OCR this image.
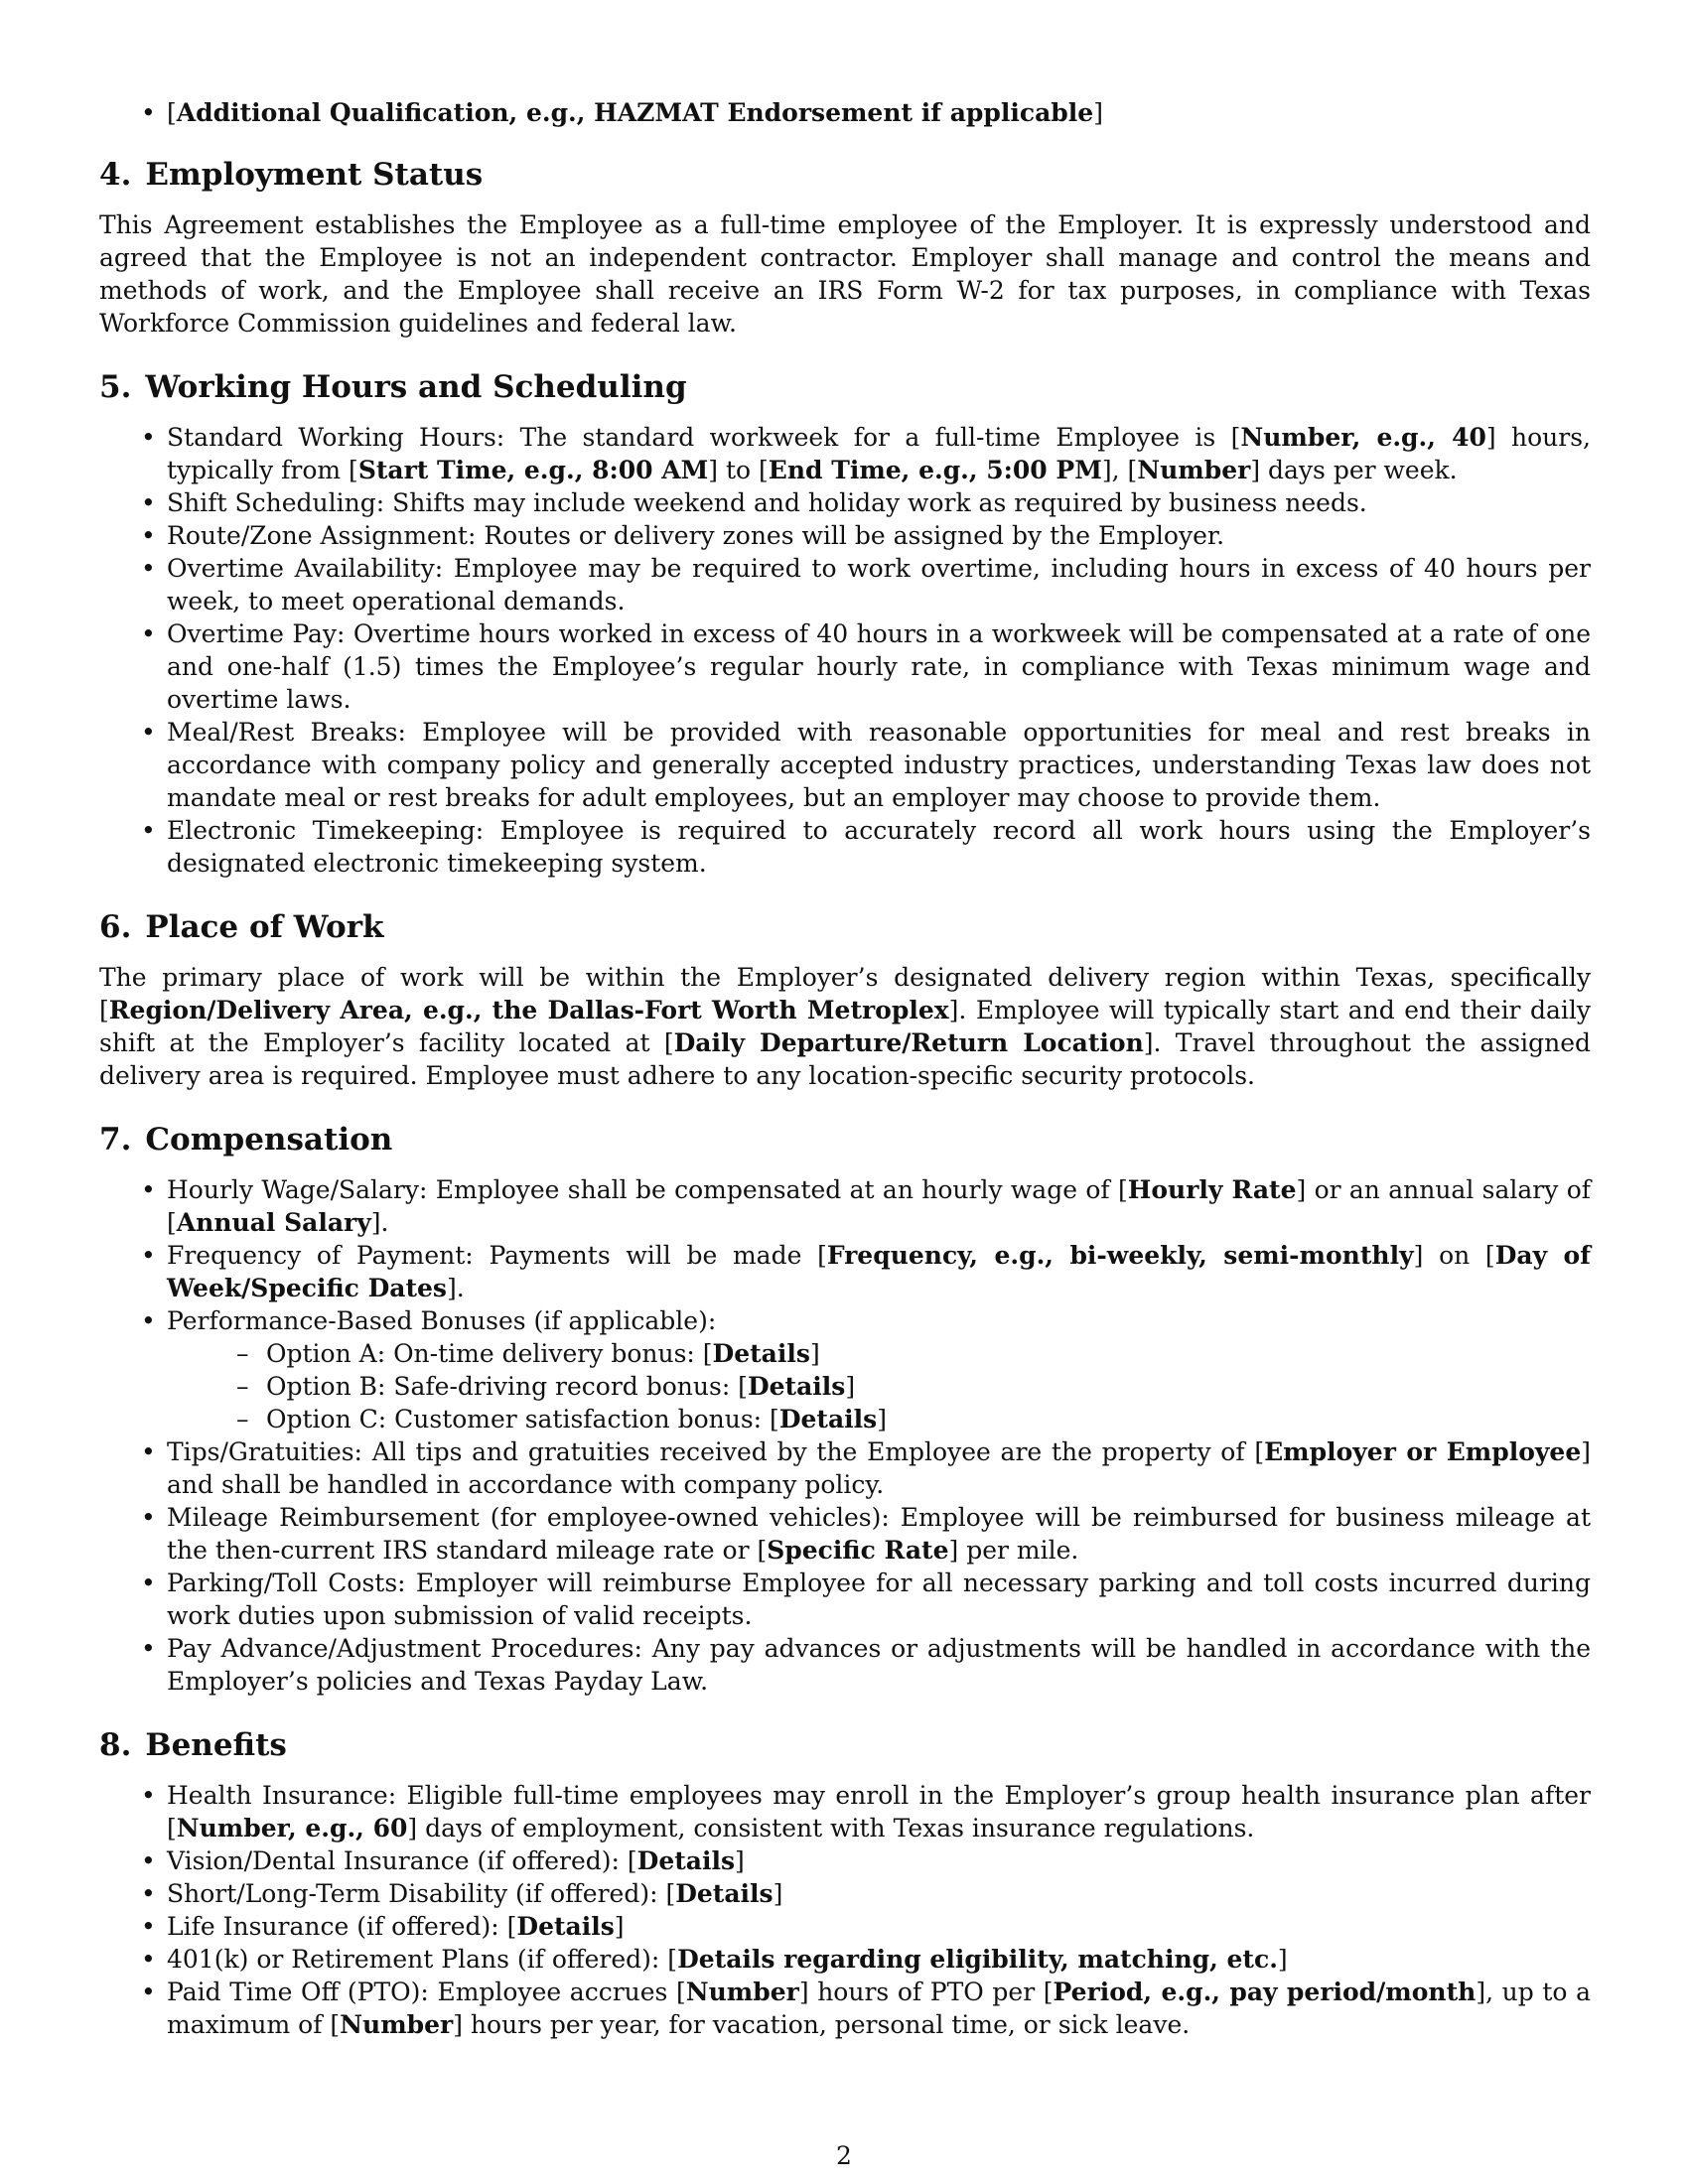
• [Additional Qualification, e.g., HAZMAT Endorsement if applicable]
4. Employment Status

This Agreement establishes the Employee as a full-time employee of the Employer. It is expressly understood and agreed that the Employee is not an independent contractor. Employer shall manage and control the means and methods of work, and the Employee shall receive an IRS Form W-2 for tax purposes, in compliance with Texas Workforce Commission guidelines and federal law.

5. Working Hours and Scheduling
• Standard Working Hours: The standard workweek for a full-time Employee is [Number, e.g., 40] hours, typically from [Start Time, e.g., 8:00 AM] to [End Time, e.g., 5:00 PM], [Number] days per week.
• Shift Scheduling: Shifts may include weekend and holiday work as required by business needs.
• Route/Zone Assignment: Routes or delivery zones will be assigned by the Employer.
• Overtime Availability: Employee may be required to work overtime, including hours in excess of 40 hours per week, to meet operational demands.
• Overtime Pay: Overtime hours worked in excess of 40 hours in a workweek will be compensated at a rate of one and one-half (1.5) times the Employee’s regular hourly rate, in compliance with Texas minimum wage and overtime laws.
• Meal/Rest Breaks: Employee will be provided with reasonable opportunities for meal and rest breaks in accordance with company policy and generally accepted industry practices, understanding Texas law does not mandate meal or rest breaks for adult employees, but an employer may choose to provide them.
• Electronic Timekeeping: Employee is required to accurately record all work hours using the Employer’s designated electronic timekeeping system.
6. Place of Work

The primary place of work will be within the Employer’s designated delivery region within Texas, specifically [Region/Delivery Area, e.g., the Dallas-Fort Worth Metroplex]. Employee will typically start and end their daily shift at the Employer’s facility located at [Daily Departure/Return Location]. Travel throughout the assigned delivery area is required. Employee must adhere to any location-specific security protocols.

7. Compensation
• Hourly Wage/Salary: Employee shall be compensated at an hourly wage of [Hourly Rate] or an annual salary of [Annual Salary].
• Frequency of Payment: Payments will be made [Frequency, e.g., bi-weekly, semi-monthly] on [Day of Week/Specific Dates].
• Performance-Based Bonuses (if applicable):
– Option A: On-time delivery bonus: [Details]
– Option B: Safe-driving record bonus: [Details]
– Option C: Customer satisfaction bonus: [Details]
• Tips/Gratuities: All tips and gratuities received by the Employee are the property of [Employer or Employee] and shall be handled in accordance with company policy.
• Mileage Reimbursement (for employee-owned vehicles): Employee will be reimbursed for business mileage at the then-current IRS standard mileage rate or [Specific Rate] per mile.
• Parking/Toll Costs: Employer will reimburse Employee for all necessary parking and toll costs incurred during work duties upon submission of valid receipts.
• Pay Advance/Adjustment Procedures: Any pay advances or adjustments will be handled in accordance with the Employer’s policies and Texas Payday Law.
8. Benefits
• Health Insurance: Eligible full-time employees may enroll in the Employer’s group health insurance plan after [Number, e.g., 60] days of employment, consistent with Texas insurance regulations.
• Vision/Dental Insurance (if offered): [Details]
• Short/Long-Term Disability (if offered): [Details]
• Life Insurance (if offered): [Details]
• 401(k) or Retirement Plans (if offered): [Details regarding eligibility, matching, etc.]
• Paid Time Off (PTO): Employee accrues [Number] hours of PTO per [Period, e.g., pay period/month], up to a maximum of [Number] hours per year, for vacation, personal time, or sick leave.
2
